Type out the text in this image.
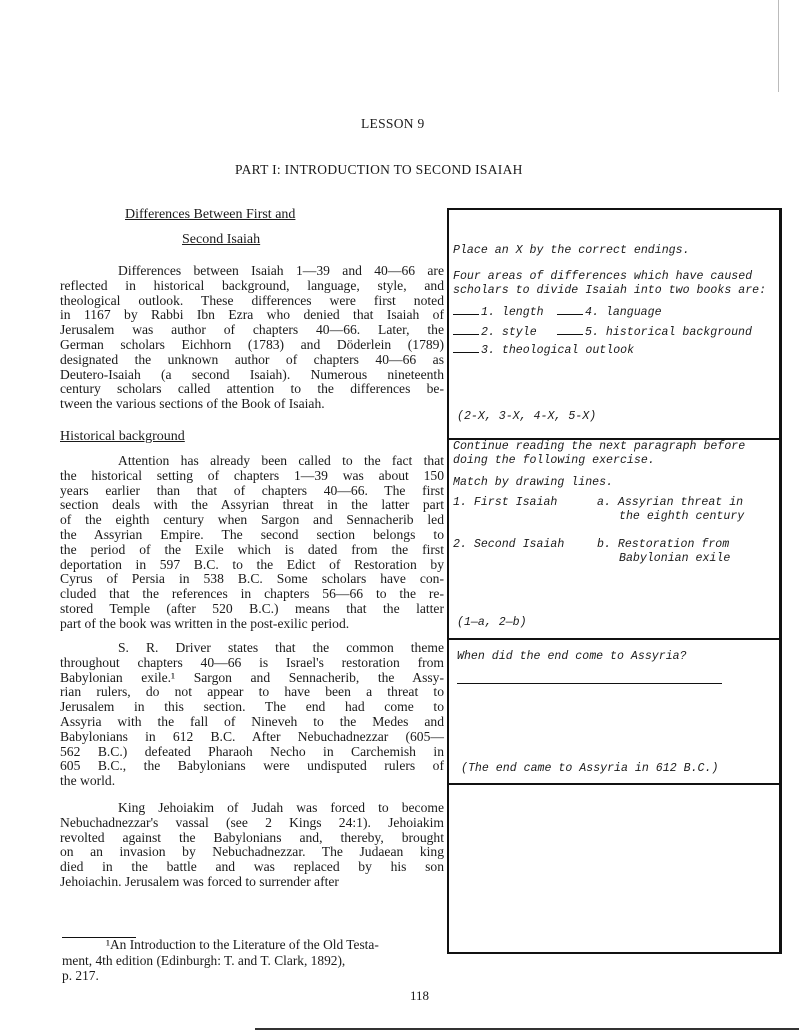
LESSON 9
PART I: INTRODUCTION TO SECOND ISAIAH
Differences Between First and
Second Isaiah
Historical background
Differences between Isaiah 1—39 and 40—66 are
reflected in historical background, language, style, and
theological outlook. These differences were first noted
in 1167 by Rabbi Ibn Ezra who denied that Isaiah of
Jerusalem was author of chapters 40—66. Later, the
German scholars Eichhorn (1783) and Döderlein (1789)
designated the unknown author of chapters 40—66 as
Deutero-Isaiah (a second Isaiah). Numerous nineteenth
century scholars called attention to the differences be-
tween the various sections of the Book of Isaiah.
Attention has already been called to the fact that
the historical setting of chapters 1—39 was about 150
years earlier than that of chapters 40—66. The first
section deals with the Assyrian threat in the latter part
of the eighth century when Sargon and Sennacherib led
the Assyrian Empire. The second section belongs to
the period of the Exile which is dated from the first
deportation in 597 B.C. to the Edict of Restoration by
Cyrus of Persia in 538 B.C. Some scholars have con-
cluded that the references in chapters 56—66 to the re-
stored Temple (after 520 B.C.) means that the latter
part of the book was written in the post-exilic period.
S. R. Driver states that the common theme
throughout chapters 40—66 is Israel's restoration from
Babylonian exile.¹ Sargon and Sennacherib, the Assy-
rian rulers, do not appear to have been a threat to
Jerusalem in this section. The end had come to
Assyria with the fall of Nineveh to the Medes and
Babylonians in 612 B.C. After Nebuchadnezzar (605—
562 B.C.) defeated Pharaoh Necho in Carchemish in
605 B.C., the Babylonians were undisputed rulers of
the world.
King Jehoiakim of Judah was forced to become
Nebuchadnezzar's vassal (see 2 Kings 24:1). Jehoiakim
revolted against the Babylonians and, thereby, brought
on an invasion by Nebuchadnezzar. The Judaean king
died in the battle and was replaced by his son
Jehoiachin. Jerusalem was forced to surrender after
¹An Introduction to the Literature of the Old Testa-
ment, 4th edition (Edinburgh: T. and T. Clark, 1892),
p. 217.
118
Place an X by the correct endings.
Four areas of differences which have caused
scholars to divide Isaiah into two books are:
1. length	4. language
2. style	5. historical background
3. theological outlook
(2-X, 3-X, 4-X, 5-X)
Continue reading the next paragraph before
doing the following exercise.
Match by drawing lines.
1. First Isaiah	a. Assyrian threat in
the eighth century
2. Second Isaiah	b. Restoration from
Babylonian exile
(1—a, 2—b)
When did the end come to Assyria?
(The end came to Assyria in 612 B.C.)
